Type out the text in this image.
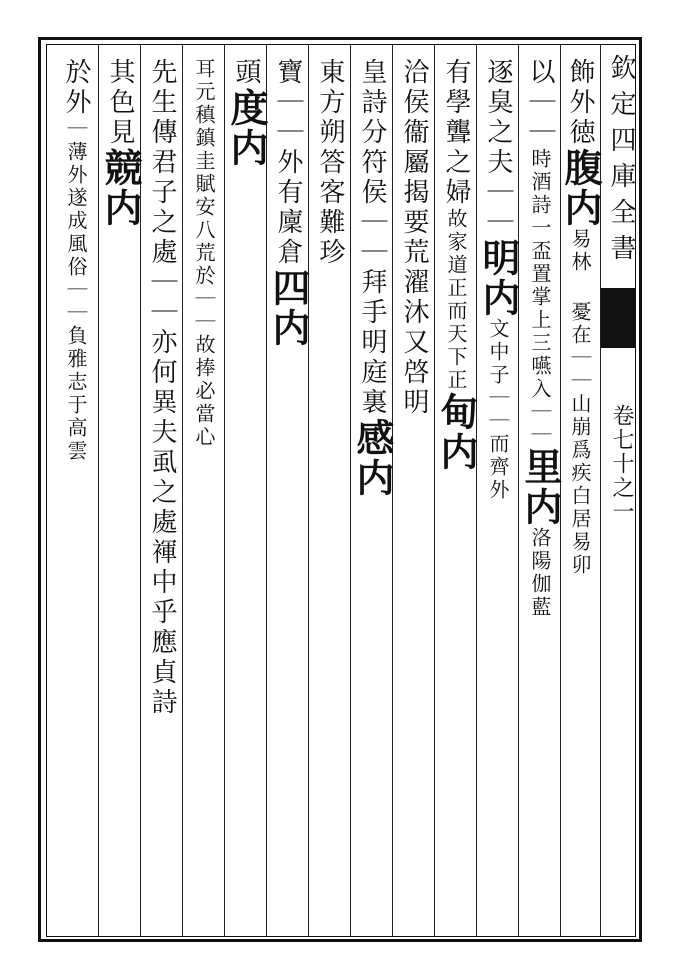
欽定四庫全書
卷七十之一
飾外徳腹内易林 憂在｜｜山崩爲疾白居易卯
以｜｜時酒詩一盃置掌上三嚥入｜｜里内洛陽伽藍
逐臭之夫｜｜明内文中子｜｜而齊外
有學聾之婦故家道正而天下正甸内
洽侯衞屬揭要荒濯沐又啓明
皇詩分符侯｜｜拜手明庭裏感内
東方朔答客難珍
寶｜｜外有廩倉四内
頭度内
耳元稹鎮圭賦安八荒於｜｜故捧必當心
先生傳君子之處｜｜亦何異夫虱之處褌中乎應貞詩
其色見競内
於外｜薄外遂成風俗｜｜負雅志于高雲
